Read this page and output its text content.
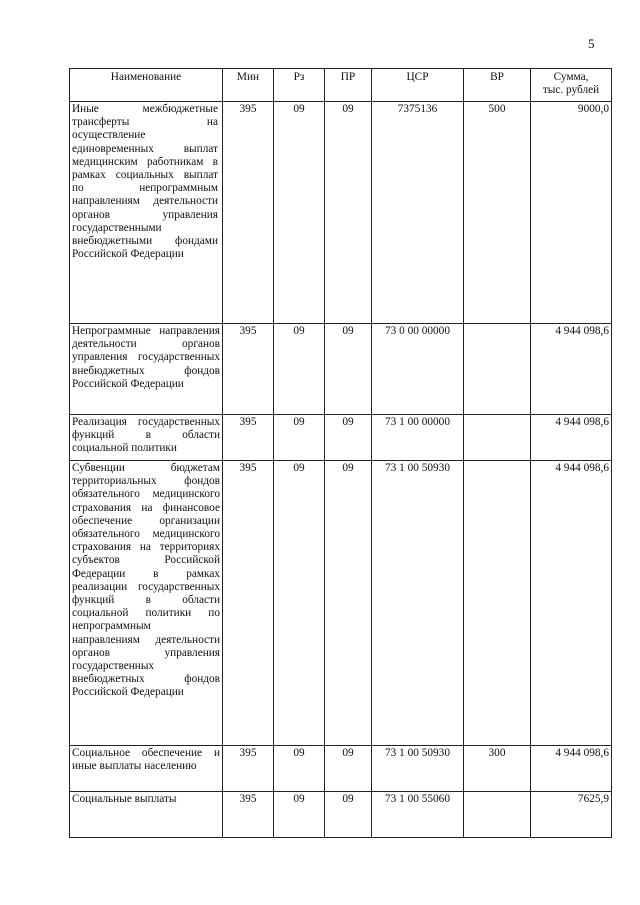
5
Наименование	Мин	Рз	ПР	ЦСР	ВР	Сумма,
тыс. рублей
Иные межбюджетные трансферты на осуществление единовременных выплат медицинским работникам в рамках социальных выплат по непрограммным направлениям деятельности органов управления государственными внебюджетными фондами Российской Федерации	395	09	09	7375136	500	9000,0
Непрограммные направления деятельности органов управления государственных внебюджетных фондов Российской Федерации	395	09	09	73 0 00 00000		4 944 098,6
Реализация государственных функций в области социальной политики	395	09	09	73 1 00 00000		4 944 098,6
Субвенции бюджетам территориальных фондов обязательного медицинского страхования на финансовое обеспечение организации обязательного медицинского страхования на территориях субъектов Российской Федерации в рамках реализации государственных функций в области социальной политики по непрограммным направлениям деятельности органов управления государственных внебюджетных фондов Российской Федерации	395	09	09	73 1 00 50930		4 944 098,6
Социальное обеспечение и иные выплаты населению	395	09	09	73 1 00 50930	300	4 944 098,6
Социальные выплаты	395	09	09	73 1 00 55060		7625,9
